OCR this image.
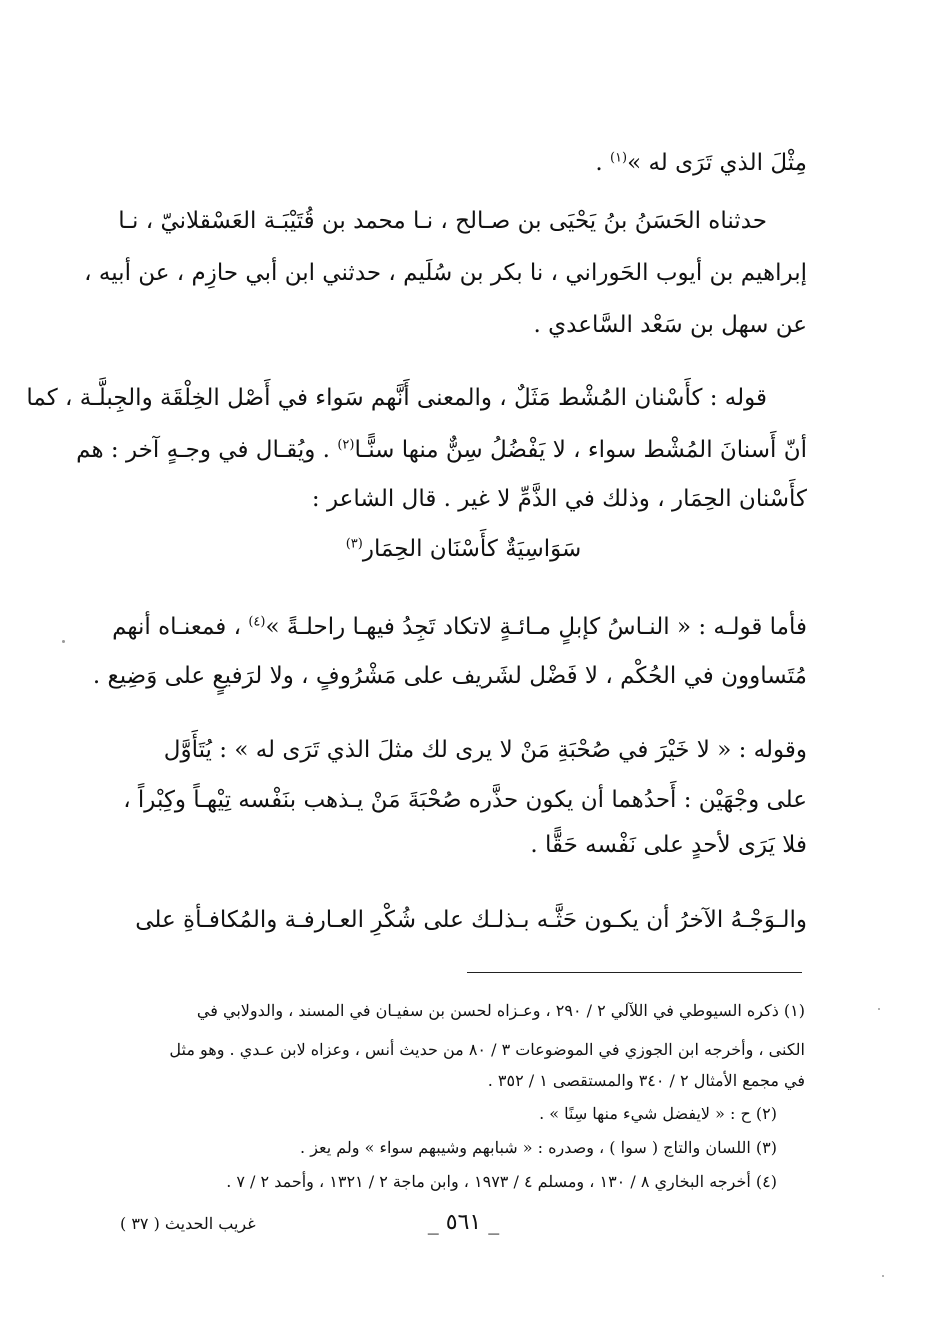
مِثْلَ الذي تَرَى له »$^{(١)}$ .
حدثناه الحَسَنُ بنُ يَحْيَى بن صـالح ، نـا محمد بن قُتَيْبَـة العَسْقلانيّ ، نـا
إبراهيم بن أيوب الحَوراني ، نا بكر بن سُلَيم ، حدثني ابن أبي حازِم ، عن أبيه ،
عن سهل بن سَعْد السَّاعدي .
قوله : كأَسْنان المُشْط مَثَلٌ ، والمعنى أَنَّهم سَواء في أَصْل الخِلْقَة والجِبلَّـة ، كما
أنّ أَسنانَ المُشْط سواء ، لا يَفْضُلُ سِنٌّ منها سنًّـا$^{(٢)}$ . ويُقـال في وجـهٍ آخر : هم
كأَسْنان الحِمَار ، وذلك في الذَّمِّ لا غير . قال الشاعر :
سَوَاسِيَةٌ كأَسْنَان الحِمَار$^{(٣)}$
فأما قولـه : « النـاسُ كإبلٍ مـائـةٍ لاتكاد تَجِدُ فيهـا راحلـةً »$^{(٤)}$ ، فمعنـاه أنهم
مُتَساوون في الحُكْم ، لا فَضْل لشَريف على مَشْرُوفٍ ، ولا لرَفيعٍ على وَضِيع .
وقوله : « لا خَيْرَ في صُحْبَةِ مَنْ لا يرى لك مثلَ الذي تَرَى له » : يُتَأَوَّل
على وجْهَيْن : أَحدُهما أن يكون حذَّره صُحْبَةَ مَنْ يـذهب بنَفْسه تِيْهـاً وكِبْراً ،
فلا يَرَى لأحدٍ على نَفْسه حَقًّا .
والـوَجْـهُ الآخرُ أن يكـون حَثَّـه بـذلـك على شُكْرِ العـارفـة والمُكافـأةِ على
(١) ذكره السيوطي في اللآلي ٢ / ٢٩٠ ، وعـزاه لحسن بن سفيـان في المسند ، والدولابي في
الكنى ، وأخرجه ابن الجوزي في الموضوعات ٣ / ٨٠ من حديث أنس ، وعزاه لابن عـدي . وهو مثل
في مجمع الأمثال ٢ / ٣٤٠ والمستقصى ١ / ٣٥٢ .
(٢) ح : « لايفضل شيء منها سِنًا » .
(٣) اللسان والتاج ( سوا ) ، وصدره : « شبابهم وشيبهم سواء » ولم يعز .
(٤) أخرجه البخاري ٨ / ١٣٠ ، ومسلم ٤ / ١٩٧٣ ، وابن ماجة ٢ / ١٣٢١ ، وأحمد ٢ / ٧ .
_ ٥٦١ _
غريب الحديث ( ٣٧ )
